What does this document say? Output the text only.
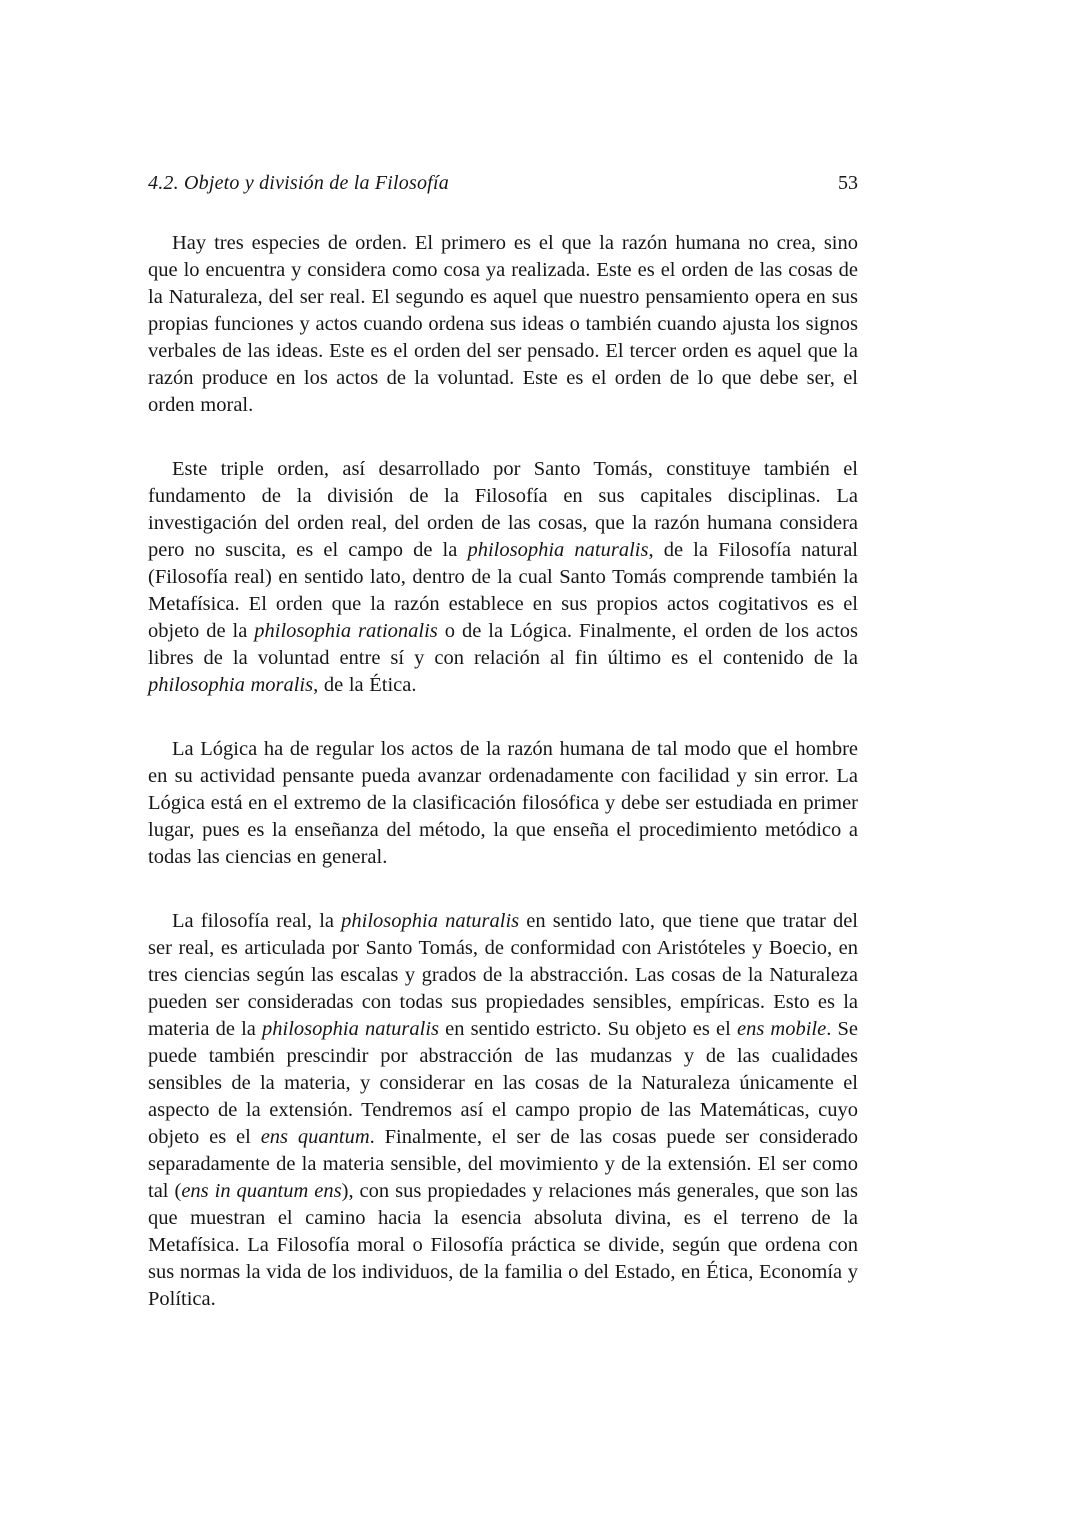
4.2. Objeto y división de la Filosofía	53

Hay tres especies de orden. El primero es el que la razón humana no crea, sino que lo encuentra y considera como cosa ya realizada. Este es el orden de las cosas de la Naturaleza, del ser real. El segundo es aquel que nuestro pensamiento opera en sus propias funciones y actos cuando ordena sus ideas o también cuando ajusta los signos verbales de las ideas. Este es el orden del ser pensado. El tercer orden es aquel que la razón produce en los actos de la voluntad. Este es el orden de lo que debe ser, el orden moral.

Este triple orden, así desarrollado por Santo Tomás, constituye también el fundamento de la división de la Filosofía en sus capitales disciplinas. La investigación del orden real, del orden de las cosas, que la razón humana considera pero no suscita, es el campo de la philosophia naturalis, de la Filosofía natural (Filosofía real) en sentido lato, dentro de la cual Santo Tomás comprende también la Metafísica. El orden que la razón establece en sus propios actos cogitativos es el objeto de la philosophia rationalis o de la Lógica. Finalmente, el orden de los actos libres de la voluntad entre sí y con relación al fin último es el contenido de la philosophia moralis, de la Ética.

La Lógica ha de regular los actos de la razón humana de tal modo que el hombre en su actividad pensante pueda avanzar ordenadamente con facilidad y sin error. La Lógica está en el extremo de la clasificación filosófica y debe ser estudiada en primer lugar, pues es la enseñanza del método, la que enseña el procedimiento metódico a todas las ciencias en general.

La filosofía real, la philosophia naturalis en sentido lato, que tiene que tratar del ser real, es articulada por Santo Tomás, de conformidad con Aristóteles y Boecio, en tres ciencias según las escalas y grados de la abstracción. Las cosas de la Naturaleza pueden ser consideradas con todas sus propiedades sensibles, empíricas. Esto es la materia de la philosophia naturalis en sentido estricto. Su objeto es el ens mobile. Se puede también prescindir por abstracción de las mudanzas y de las cualidades sensibles de la materia, y considerar en las cosas de la Naturaleza únicamente el aspecto de la extensión. Tendremos así el campo propio de las Matemáticas, cuyo objeto es el ens quantum. Finalmente, el ser de las cosas puede ser considerado separadamente de la materia sensible, del movimiento y de la extensión. El ser como tal (ens in quantum ens), con sus propiedades y relaciones más generales, que son las que muestran el camino hacia la esencia absoluta divina, es el terreno de la Metafísica. La Filosofía moral o Filosofía práctica se divide, según que ordena con sus normas la vida de los individuos, de la familia o del Estado, en Ética, Economía y Política.
